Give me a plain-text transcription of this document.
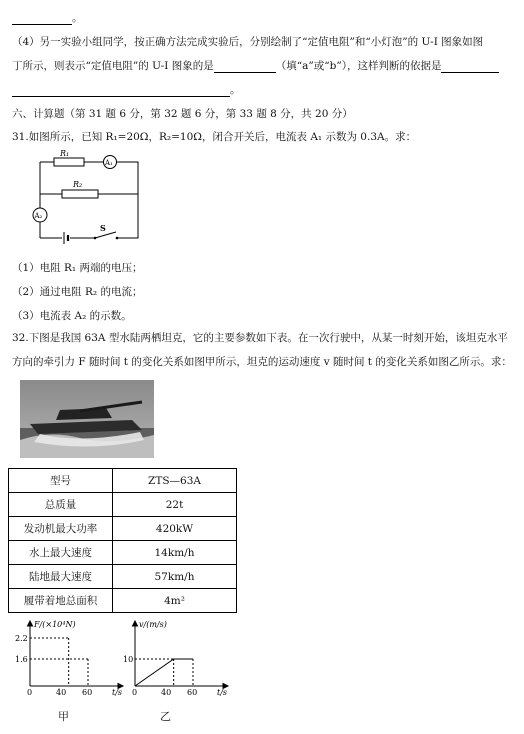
。
（4）另一实验小组同学，按正确方法完成实验后，分别绘制了“定值电阻”和“小灯泡”的 U-I 图象如图
丁所示，则表示“定值电阻”的 U-I 图象的是	（填“a”或“b”），这样判断的依据是
。
六、计算题（第 31 题 6 分，第 32 题 6 分，第 33 题 8 分，共 20 分）
31.如图所示，已知 R₁=20Ω，R₂=10Ω，闭合开关后，电流表 A₁ 示数为 0.3A。求：
R₁
A₁
R₂
A₂
S
（1）电阻 R₁ 两端的电压；
（2）通过电阻 R₂ 的电流；
（3）电流表 A₂ 的示数。
32.下图是我国 63A 型水陆两栖坦克，它的主要参数如下表。在一次行驶中，从某一时刻开始，该坦克水平
方向的牵引力 F 随时间 t 的变化关系如图甲所示，坦克的运动速度 v 随时间 t 的变化关系如图乙所示。求：
型号	ZTS—63A
总质量	22t
发动机最大功率	420kW
水上最大速度	14km/h
陆地最大速度	57km/h
履带着地总面积	4m²
F/(×10⁴N)
t/s
2.2
1.6
0	40 60
v/(m/s)
t/s
10
0	40 60
甲	乙
